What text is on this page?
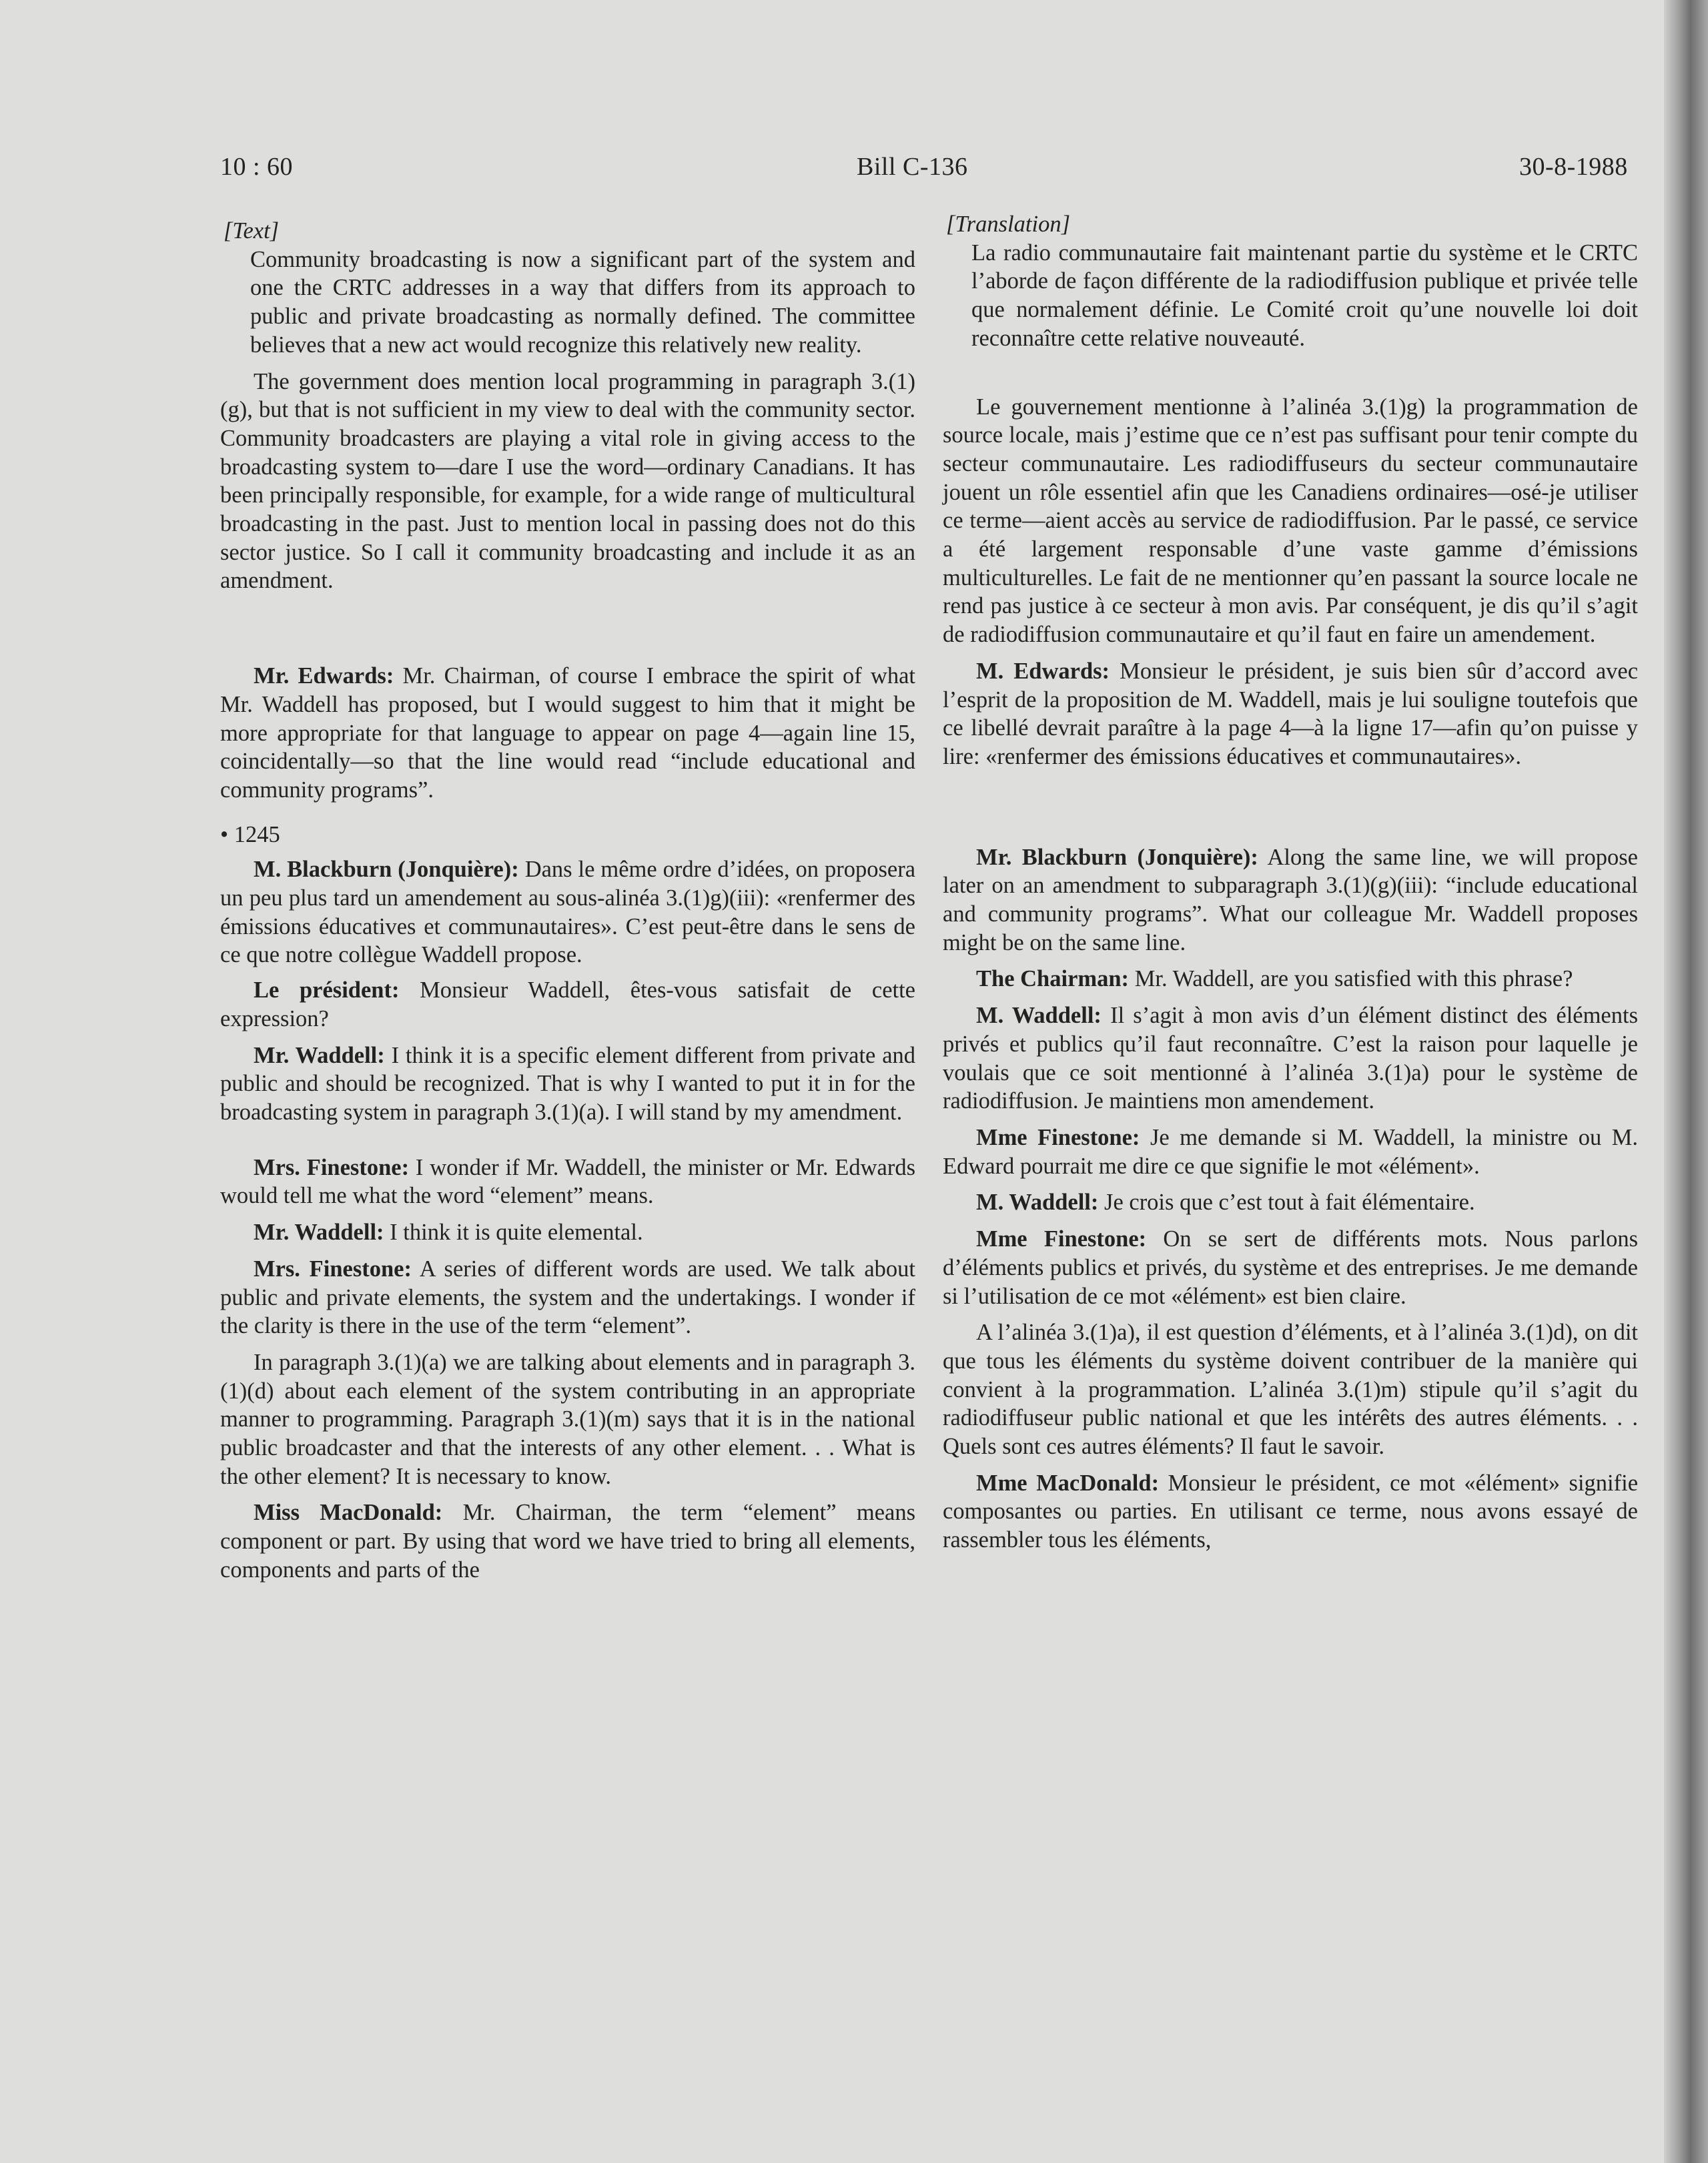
10 : 60	Bill C-136	30-8-1988

[Text]

Community broadcasting is now a significant part of the system and one the CRTC addresses in a way that differs from its approach to public and private broadcasting as normally defined. The committee believes that a new act would recognize this relatively new reality.

The government does mention local programming in paragraph 3.(1)(g), but that is not sufficient in my view to deal with the community sector. Community broadcasters are playing a vital role in giving access to the broadcasting system to—dare I use the word—ordinary Canadians. It has been principally responsible, for example, for a wide range of multicultural broadcasting in the past. Just to mention local in passing does not do this sector justice. So I call it community broadcasting and include it as an amendment.

Mr. Edwards: Mr. Chairman, of course I embrace the spirit of what Mr. Waddell has proposed, but I would suggest to him that it might be more appropriate for that language to appear on page 4—again line 15, coincidentally—so that the line would read “include educational and community programs”.

• 1245

M. Blackburn (Jonquière): Dans le même ordre d’idées, on proposera un peu plus tard un amendement au sous-alinéa 3.(1)g)(iii): «renfermer des émissions éducatives et communautaires». C’est peut-être dans le sens de ce que notre collègue Waddell propose.

Le président: Monsieur Waddell, êtes-vous satisfait de cette expression?

Mr. Waddell: I think it is a specific element different from private and public and should be recognized. That is why I wanted to put it in for the broadcasting system in paragraph 3.(1)(a). I will stand by my amendment.

Mrs. Finestone: I wonder if Mr. Waddell, the minister or Mr. Edwards would tell me what the word “element” means.

Mr. Waddell: I think it is quite elemental.

Mrs. Finestone: A series of different words are used. We talk about public and private elements, the system and the undertakings. I wonder if the clarity is there in the use of the term “element”.

In paragraph 3.(1)(a) we are talking about elements and in paragraph 3.(1)(d) about each element of the system contributing in an appropriate manner to programming. Paragraph 3.(1)(m) says that it is in the national public broadcaster and that the interests of any other element. . . What is the other element? It is necessary to know.

Miss MacDonald: Mr. Chairman, the term “element” means component or part. By using that word we have tried to bring all elements, components and parts of the

[Translation]

La radio communautaire fait maintenant partie du système et le CRTC l’aborde de façon différente de la radiodiffusion publique et privée telle que normalement définie. Le Comité croit qu’une nouvelle loi doit reconnaître cette relative nouveauté.

Le gouvernement mentionne à l’alinéa 3.(1)g) la programmation de source locale, mais j’estime que ce n’est pas suffisant pour tenir compte du secteur communautaire. Les radiodiffuseurs du secteur communautaire jouent un rôle essentiel afin que les Canadiens ordinaires—osé-je utiliser ce terme—aient accès au service de radiodiffusion. Par le passé, ce service a été largement responsable d’une vaste gamme d’émissions multiculturelles. Le fait de ne mentionner qu’en passant la source locale ne rend pas justice à ce secteur à mon avis. Par conséquent, je dis qu’il s’agit de radiodiffusion communautaire et qu’il faut en faire un amendement.

M. Edwards: Monsieur le président, je suis bien sûr d’accord avec l’esprit de la proposition de M. Waddell, mais je lui souligne toutefois que ce libellé devrait paraître à la page 4—à la ligne 17—afin qu’on puisse y lire: «renfermer des émissions éducatives et communautaires».

Mr. Blackburn (Jonquière): Along the same line, we will propose later on an amendment to subparagraph 3.(1)(g)(iii): “include educational and community programs”. What our colleague Mr. Waddell proposes might be on the same line.

The Chairman: Mr. Waddell, are you satisfied with this phrase?

M. Waddell: Il s’agit à mon avis d’un élément distinct des éléments privés et publics qu’il faut reconnaître. C’est la raison pour laquelle je voulais que ce soit mentionné à l’alinéa 3.(1)a) pour le système de radiodiffusion. Je maintiens mon amendement.

Mme Finestone: Je me demande si M. Waddell, la ministre ou M. Edward pourrait me dire ce que signifie le mot «élément».

M. Waddell: Je crois que c’est tout à fait élémentaire.

Mme Finestone: On se sert de différents mots. Nous parlons d’éléments publics et privés, du système et des entreprises. Je me demande si l’utilisation de ce mot «élément» est bien claire.

A l’alinéa 3.(1)a), il est question d’éléments, et à l’alinéa 3.(1)d), on dit que tous les éléments du système doivent contribuer de la manière qui convient à la programmation. L’alinéa 3.(1)m) stipule qu’il s’agit du radiodiffuseur public national et que les intérêts des autres éléments. . . Quels sont ces autres éléments? Il faut le savoir.

Mme MacDonald: Monsieur le président, ce mot «élément» signifie composantes ou parties. En utilisant ce terme, nous avons essayé de rassembler tous les éléments,
